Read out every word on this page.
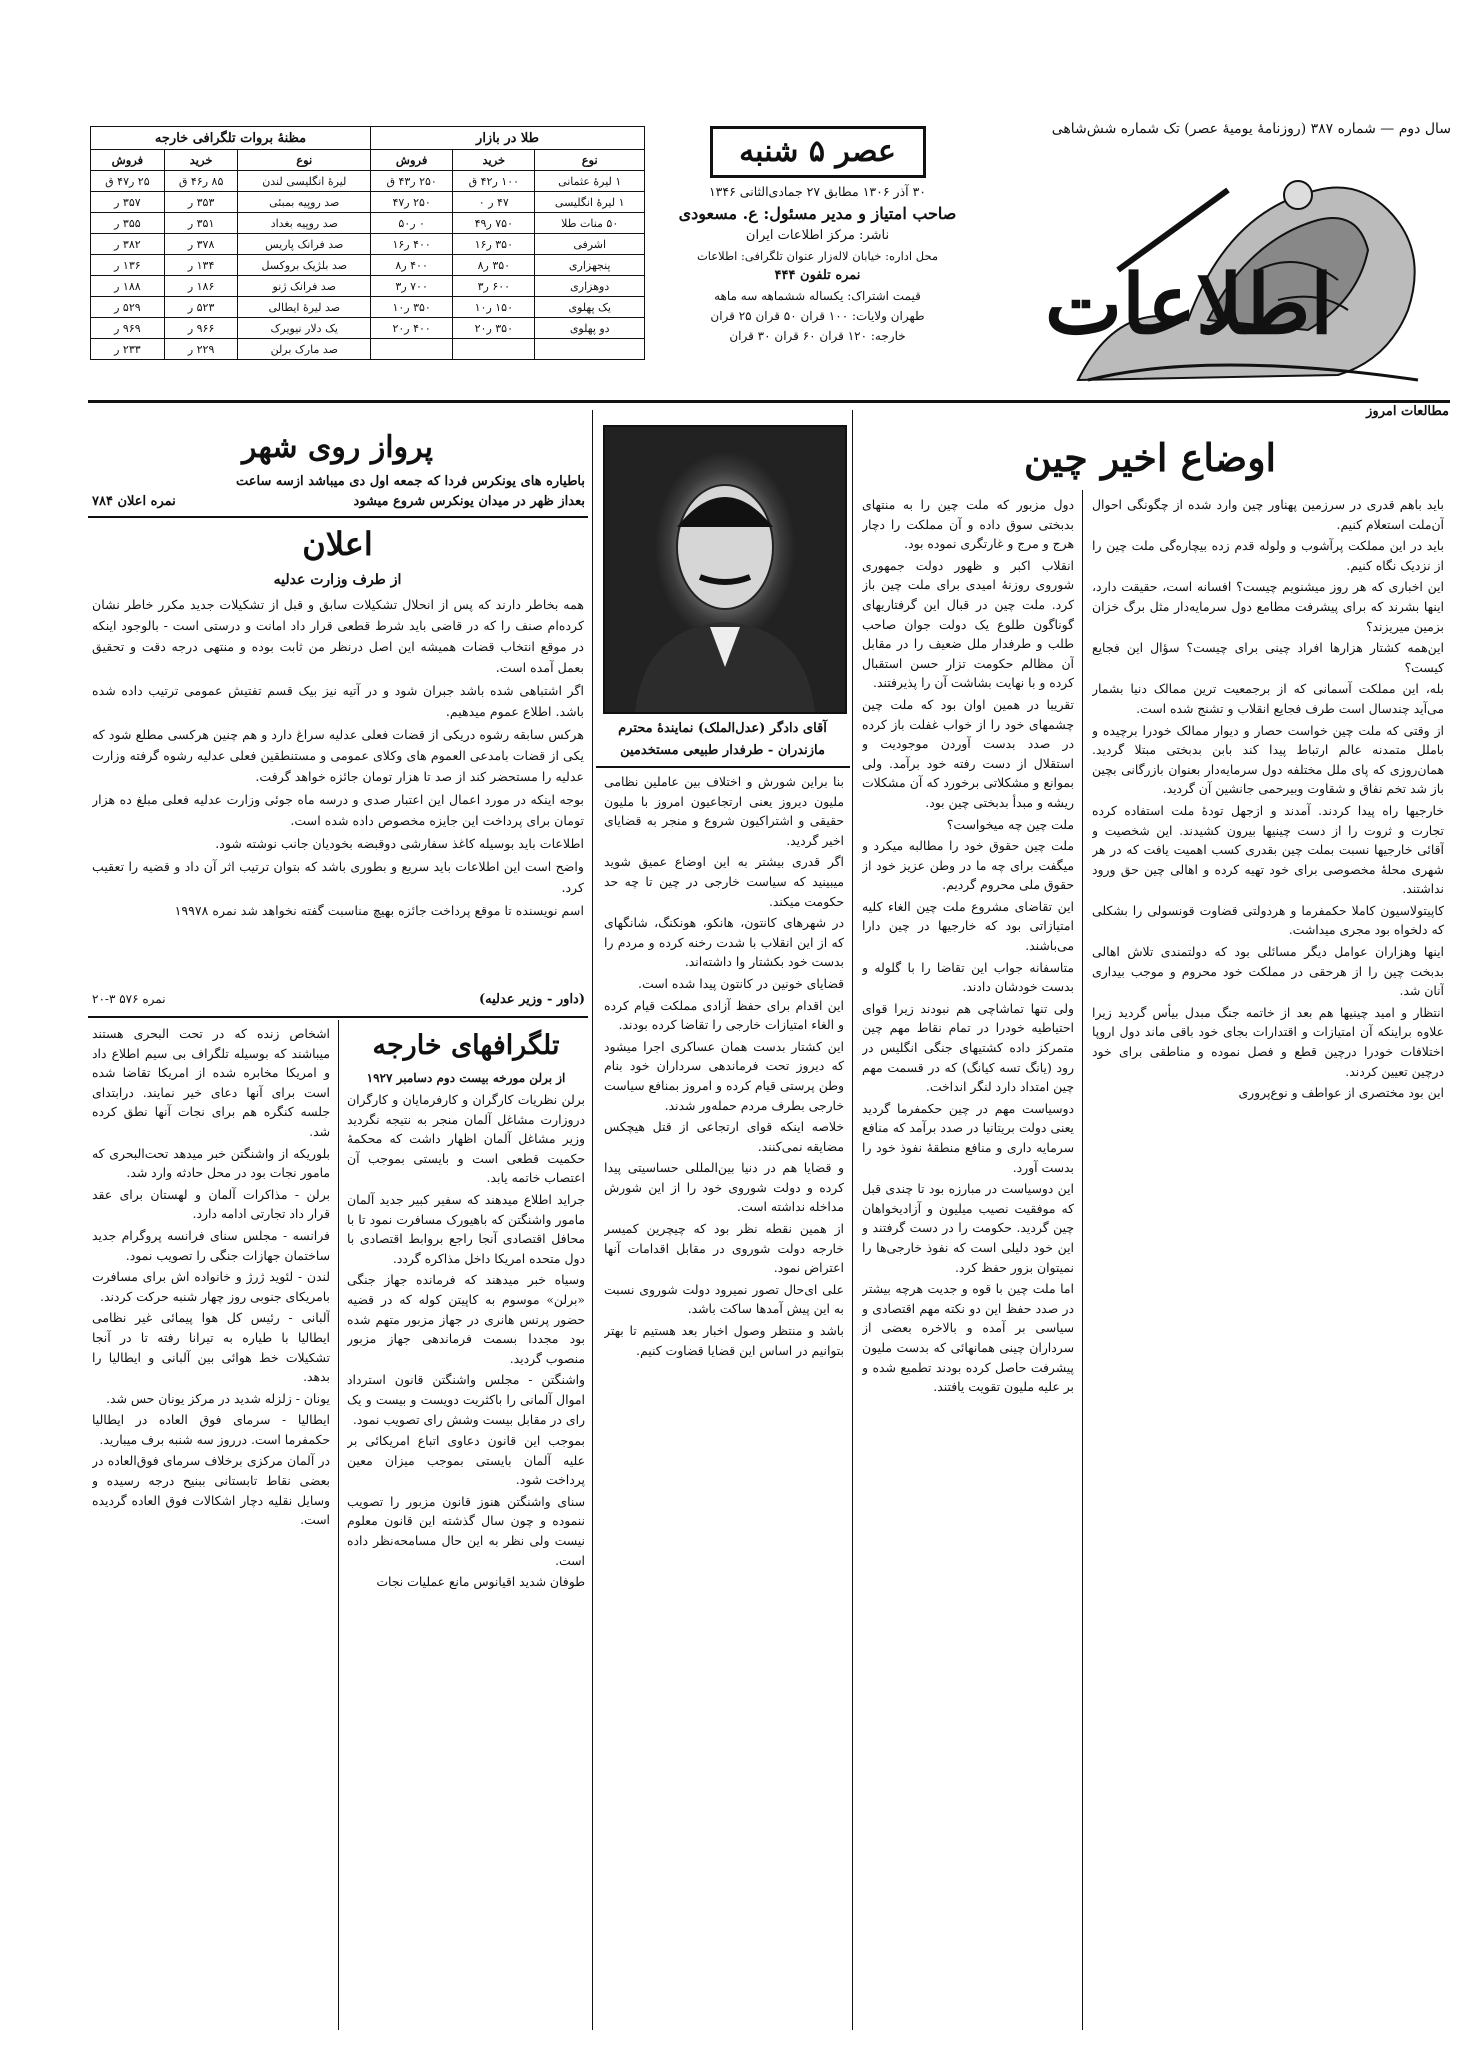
سال دوم — شماره ۳۸۷ (روزنامهٔ یومیهٔ عصر) تک شماره شش‌شاهی
اطلاعات
عصر ۵ شنبه
۳۰ آذر ۱۳۰۶ مطابق ۲۷ جمادی‌الثانی ۱۳۴۶
صاحب امتیاز و مدیر مسئول: ع. مسعودی
ناشر: مرکز اطلاعات ایران
محل اداره: خیابان لاله‌زار عنوان تلگرافی: اطلاعات
نمره تلفون ۴۴۴
قیمت اشتراک: یکساله ششماهه سه ماهه
طهران ولایات: ۱۰۰ قران ۵۰ قران ۲۵ قران
خارجه: ۱۲۰ قران ۶۰ قران ۳۰ قران
طلا در بازار			مظنهٔ بروات تلگرافی خارجه		
نوع	خرید	فروش	نوع	خرید	فروش
۱ لیرهٔ عثمانی	۱۰۰ ر۴۲ ق	۲۵۰ ر۴۳ ق	لیرهٔ انگلیسی لندن	۸۵ ر۴۶ ق	۲۵ ر۴۷ ق
۱ لیرهٔ انگلیسی	۴۷ ر ۰	۲۵۰ ر۴۷	صد روپیه بمبئی	۳۵۳ ر	۳۵۷ ر
۵۰ منات طلا	۷۵۰ ر۴۹	۰ ر۵۰	صد روپیه بغداد	۳۵۱ ر	۳۵۵ ر
اشرفی	۳۵۰ ر۱۶	۴۰۰ ر۱۶	صد فرانک پاریس	۳۷۸ ر	۳۸۲ ر
پنجهزاری	۳۵۰ ر۸	۴۰۰ ر۸	صد بلژیک بروکسل	۱۳۴ ر	۱۳۶ ر
دوهزاری	۶۰۰ ر۳	۷۰۰ ر۳	صد فرانک ژنو	۱۸۶ ر	۱۸۸ ر
یک پهلوی	۱۵۰ ر۱۰	۳۵۰ ر۱۰	صد لیرهٔ ایطالی	۵۲۳ ر	۵۲۹ ر
دو پهلوی	۳۵۰ ر۲۰	۴۰۰ ر۲۰	یک دلار نیویرک	۹۶۶ ر	۹۶۹ ر
			صد مارک برلن	۲۲۹ ر	۲۳۳ ر
مطالعات امروز
اوضاع اخیر چین

باید باهم قدری در سرزمین پهناور چین وارد شده از چگونگی احوال آن‌ملت استعلام کنیم.

باید در این مملکت پرآشوب و ولوله قدم زده بیچاره‌گی ملت چین را از نزدیک نگاه کنیم.

این اخباری که هر روز میشنویم چیست؟ افسانه است، حقیقت دارد، اینها بشرند که برای پیشرفت مطامع دول سرمایه‌دار مثل برگ خزان بزمین میریزند؟

این‌همه کشتار هزارها افراد چینی برای چیست؟ سؤال این فجایع کیست؟

بله، این مملکت آسمانی که از برجمعیت ترین ممالک دنیا بشمار می‌آید چندسال است طرف فجایع انقلاب و تشنج شده است.

از وقتی که ملت چین خواست حصار و دیوار ممالک خودرا برچیده و باملل متمدنه عالم ارتباط پیدا کند بابن بدبختی مبتلا گردید. همان‌روزی که پای ملل مختلفه دول سرمایه‌دار بعنوان بازرگانی بچین باز شد تخم نفاق و شقاوت وبیرحمی جانشین آن گردید.

خارجیها راه پیدا کردند. آمدند و ازجهل تودهٔ ملت استفاده کرده تجارت و ثروت را از دست چینیها بیرون کشیدند. این شخصیت و آقائی خارجیها نسبت بملت چین بقدری کسب اهمیت یافت که در هر شهری محلهٔ مخصوصی برای خود تهیه کرده و اهالی چین حق ورود نداشتند.

کاپیتولاسیون کاملا حکمفرما و هردولتی قضاوت قونسولی را بشکلی که دلخواه بود مجری میداشت.

اینها وهزاران عوامل دیگر مسائلی بود که دولتمندی تلاش اهالی بدبخت چین را از هرحقی در مملکت خود محروم و موجب بیداری آنان شد.

انتظار و امید چینیها هم بعد از خاتمه جنگ مبدل بیأس گردید زیرا علاوه براینکه آن امتیازات و اقتدارات بجای خود باقی ماند دول اروپا اختلافات خودرا درچین قطع و فصل نموده و مناطقی برای خود درچین تعیین کردند.

این بود مختصری از عواطف و نوع‌پروری

دول مزبور که ملت چین را به منتهای بدبختی سوق داده و آن مملکت را دچار هرج و مرج و غارتگری نموده بود.

انقلاب اکبر و ظهور دولت جمهوری شوروی روزنهٔ امیدی برای ملت چین باز کرد. ملت چین در قبال این گرفتاریهای گوناگون طلوع یک دولت جوان صاحب طلب و طرفدار ملل ضعیف را در مقابل آن مظالم حکومت تزار حسن استقبال کرده و با نهایت بشاشت آن را پذیرفتند.

تقریبا در همین اوان بود که ملت چین چشمهای خود را از خواب غفلت باز کرده در صدد بدست آوردن موجودیت و استقلال از دست رفته خود برآمد. ولی بموانع و مشکلاتی برخورد که آن مشکلات ریشه و مبدأ بدبختی چین بود.

ملت چین چه میخواست؟

ملت چین حقوق خود را مطالبه میکرد و میگفت برای چه ما در وطن عزیز خود از حقوق ملی محروم گردیم.

این تقاضای مشروع ملت چین الغاء کلیه امتیازاتی بود که خارجیها در چین دارا می‌باشند.

متاسفانه جواب این تقاضا را با گلوله و بدست خودشان دادند.

ولی تنها تماشاچی هم نبودند زیرا قوای احتیاطیه خودرا در تمام نقاط مهم چین متمرکز داده کشتیهای جنگی انگلیس در رود (یانگ تسه کیانگ) که در قسمت مهم چین امتداد دارد لنگر انداخت.

دوسیاست مهم در چین حکمفرما گردید یعنی دولت بریتانیا در صدد برآمد که منافع سرمایه داری و منافع منطقهٔ نفوذ خود را بدست آورد.

این دوسیاست در مبارزه بود تا چندی قبل که موفقیت نصیب میلیون و آزادیخواهان چین گردید. حکومت را در دست گرفتند و این خود دلیلی است که نفوذ خارجی‌ها را نمیتوان بزور حفظ کرد.

اما ملت چین با قوه و جدیت هرچه بیشتر در صدد حفظ این دو نکته مهم اقتصادی و سیاسی بر آمده و بالاخره بعضی از سرداران چینی همانهائی که بدست ملیون پیشرفت حاصل کرده بودند تطمیع شده و بر علیه ملیون تقویت یافتند.

آقای دادگر (عدل‌الملک) نمایندهٔ محترم
مازندران - طرفدار طبیعی مستخدمین

بنا براین شورش و اختلاف بین عاملین نظامی ملیون دیروز یعنی ارتجاعیون امروز با ملیون حقیقی و اشتراکیون شروع و منجر به قضایای اخیر گردید.

اگر قدری بیشتر به این اوضاع عمیق شوید میبینید که سیاست خارجی در چین تا چه حد حکومت میکند.

در شهرهای کانتون، هانکو، هونکنگ، شانگهای که از این انقلاب با شدت رخنه کرده و مردم را بدست خود بکشتار وا داشته‌اند.

قضایای خونین در کانتون پیدا شده است.

این اقدام برای حفظ آزادی مملکت قیام کرده و الغاء امتیازات خارجی را تقاضا کرده بودند.

این کشتار بدست همان عساکری اجرا میشود که دیروز تحت فرماندهی سرداران خود بنام وطن پرستی قیام کرده و امروز بمنافع سیاست خارجی بطرف مردم حمله‌ور شدند.

خلاصه اینکه قوای ارتجاعی از قتل هیچکس مضایقه نمی‌کنند.

و قضایا هم در دنیا بین‌المللی حساسیتی پیدا کرده و دولت شوروی خود را از این شورش مداخله نداشته است.

از همین نقطه نظر بود که چیچرین کمیسر خارجه دولت شوروی در مقابل اقدامات آنها اعتراض نمود.

علی ای‌حال تصور نمیرود دولت شوروی نسبت به این پیش آمدها ساکت باشد.

باشد و منتظر وصول اخبار بعد هستیم تا بهتر بتوانیم در اساس این قضایا قضاوت کنیم.

پرواز روی شهر
باطیاره های یونکرس فردا که جمعه اول دی میباشد ازسه ساعت
بعداز ظهر در میدان یونکرس شروع میشود
نمره اعلان ۷۸۴
اعلان
از طرف وزارت عدلیه

همه بخاطر دارند که پس از انحلال تشکیلات سابق و قبل از تشکیلات جدید مکرر خاطر نشان کرده‌ام صنف را که در قاضی باید شرط قطعی قرار داد امانت و درستی است - بالوجود اینکه در موقع انتخاب قضات همیشه این اصل درنظر من ثابت بوده و منتهی درجه دقت و تحقیق بعمل آمده است.

اگر اشتباهی شده باشد جبران شود و در آتیه نیز بیک قسم تفتیش عمومی ترتیب داده شده باشد. اطلاع عموم میدهیم.

هرکس سابقه رشوه دریکی از قضات فعلی عدلیه سراغ دارد و هم چنین هرکسی مطلع شود که یکی از قضات بامدعی العموم های وکلای عمومی و مستنطقین فعلی عدلیه رشوه گرفته وزارت عدلیه را مستحضر کند از صد تا هزار تومان جائزه خواهد گرفت.

بوجه اینکه در مورد اعمال این اعتبار صدی و درسه ماه جوئی وزارت عدلیه فعلی مبلغ ده هزار تومان برای پرداخت این جایزه مخصوص داده شده است.

اطلاعات باید بوسیله کاغذ سفارشی دوقبضه بخودیان جانب نوشته شود.

واضح است این اطلاعات باید سریع و بطوری باشد که بتوان ترتیب اثر آن داد و قضیه را تعقیب کرد.

اسم نویسنده تا موقع پرداخت جائزه بهیچ مناسبت گفته نخواهد شد نمره ۱۹۹۷۸

(داور - وزیر عدلیه)
نمره ۵۷۶ ۳-۲۰
تلگرافهای خارجه
از برلن مورخه بیست دوم دسامبر ۱۹۲۷

برلن نظریات کارگران و کارفرمایان و کارگران دروزارت مشاغل آلمان منجر به نتیجه نگردید وزیر مشاغل آلمان اظهار داشت که محکمهٔ حکمیت قطعی است و بایستی بموجب آن اعتصاب خاتمه یابد.

جراید اطلاع میدهند که سفیر کبیر جدید آلمان مامور واشنگتن که باهیورک مسافرت نمود تا با محافل اقتصادی آنجا راجع بروابط اقتصادی با دول متحده امریکا داخل مذاکره گردد.

وسیاه خبر میدهند که فرمانده جهاز جنگی «برلن» موسوم به کاپیتن کوله که در قضیه حضور پرنس هانری در جهاز مزبور متهم شده بود مجددا بسمت فرماندهی جهاز مزبور منصوب گردید.

واشنگتن - مجلس واشنگتن قانون استرداد اموال آلمانی را باکثریت دویست و بیست و یک رای در مقابل بیست وشش رای تصویب نمود.

بموجب این قانون دعاوی اتباع امریکائی بر علیه آلمان بایستی بموجب میزان معین پرداخت شود.

سنای واشنگتن هنوز قانون مزبور را تصویب ننموده و چون سال گذشته این قانون معلوم نیست ولی نظر به این حال مسامحه‌نظر داده است.

طوفان شدید اقیانوس مانع عملیات نجات

اشخاص زنده که در تحت البحری هستند میباشند که بوسیله تلگراف بی سیم اطلاع داد و امریکا مخابره شده از امریکا تقاضا شده است برای آنها دعای خیر نمایند. درابتدای جلسه کنگره هم برای نجات آنها نطق کرده شد.

بلوریکه از واشنگتن خبر میدهد تحت‌البحری که مامور نجات بود در محل حادثه وارد شد.

برلن - مذاکرات آلمان و لهستان برای عقد قرار داد تجارتی ادامه دارد.

فرانسه - مجلس سنای فرانسه پروگرام جدید ساختمان جهازات جنگی را تصویب نمود.

لندن - لئوید ژرژ و خانواده اش برای مسافرت بامریکای جنوبی روز چهار شنبه حرکت کردند.

آلبانی - رئیس کل هوا پیمائی غیر نظامی ایطالیا با طیاره به تیرانا رفته تا در آنجا تشکیلات خط هوائی بین آلبانی و ایطالیا را بدهد.

یونان - زلزله شدید در مرکز یونان حس شد.

ایطالیا - سرمای فوق العاده در ایطالیا حکمفرما است. درروز سه شنبه برف میبارید.

در آلمان مرکزی برخلاف سرمای فوق‌العاده در بعضی نقاط تابستانی ببنیح درجه رسیده و وسایل نقلیه دچار اشکالات فوق العاده گردیده است.
